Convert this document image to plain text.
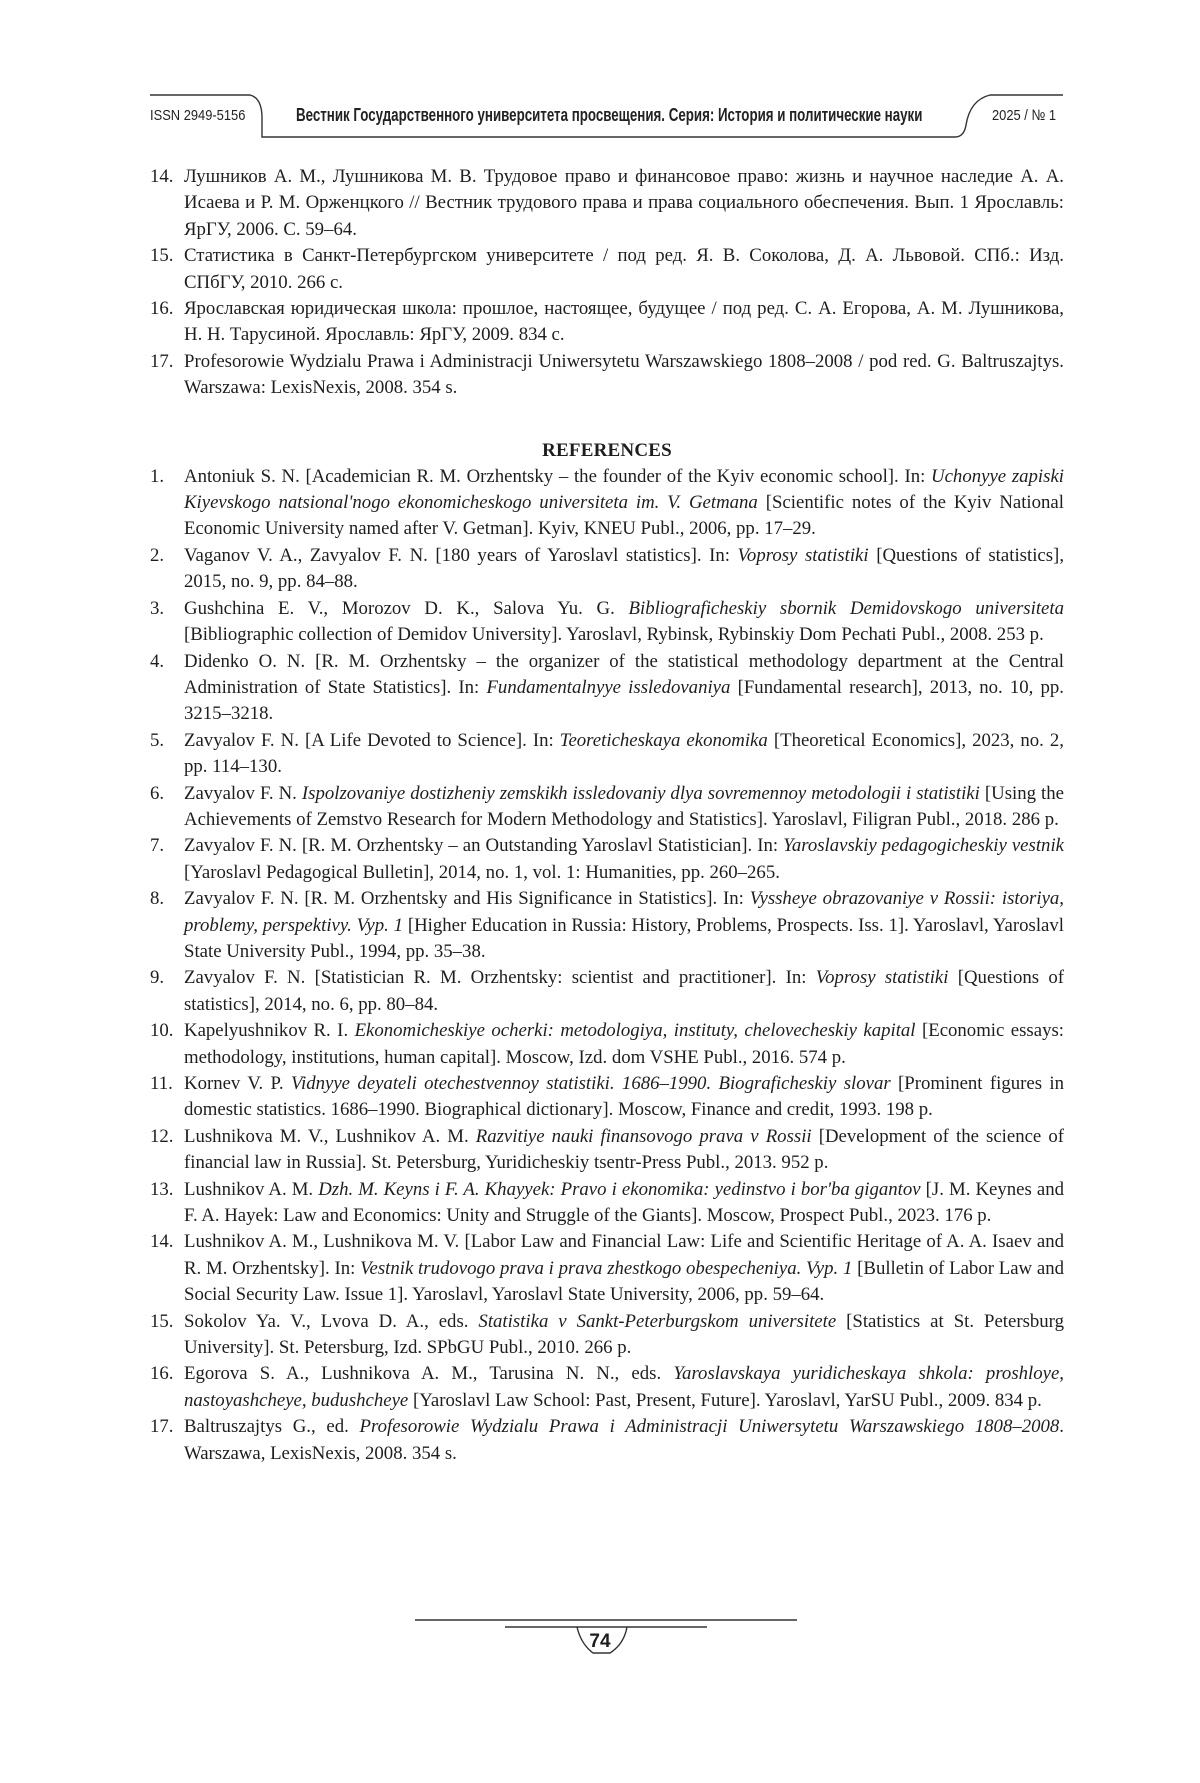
ISSN 2949-5156	Вестник Государственного университета просвещения. Серия: История и политические науки	2025 / № 1
14. Лушников А. М., Лушникова М. В. Трудовое право и финансовое право: жизнь и научное наследие А. А. Исаева и Р. М. Орженцкого // Вестник трудового права и права социального обеспечения. Вып. 1 Ярославль: ЯрГУ, 2006. С. 59–64.
15. Статистика в Санкт-Петербургском университете / под ред. Я. В. Соколова, Д. А. Львовой. СПб.: Изд. СПбГУ, 2010. 266 с.
16. Ярославская юридическая школа: прошлое, настоящее, будущее / под ред. С. А. Егорова, А. М. Лушникова, Н. Н. Тарусиной. Ярославль: ЯрГУ, 2009. 834 с.
17. Profesorowie Wydzialu Prawa i Administracji Uniwersytetu Warszawskiego 1808–2008 / pod red. G. Baltruszajtys. Warszawa: LexisNexis, 2008. 354 s.
REFERENCES
1. Antoniuk S. N. [Academician R. M. Orzhentsky – the founder of the Kyiv economic school]. In: Uchonyye zapiski Kiyevskogo natsional'nogo ekonomicheskogo universiteta im. V. Getmana [Scientific notes of the Kyiv National Economic University named after V. Getman]. Kyiv, KNEU Publ., 2006, pp. 17–29.
2. Vaganov V. A., Zavyalov F. N. [180 years of Yaroslavl statistics]. In: Voprosy statistiki [Questions of statistics], 2015, no. 9, pp. 84–88.
3. Gushchina E. V., Morozov D. K., Salova Yu. G. Bibliograficheskiy sbornik Demidovskogo universiteta [Bibliographic collection of Demidov University]. Yaroslavl, Rybinsk, Rybinskiy Dom Pechati Publ., 2008. 253 p.
4. Didenko O. N. [R. M. Orzhentsky – the organizer of the statistical methodology department at the Central Administration of State Statistics]. In: Fundamentalnyye issledovaniya [Fundamental research], 2013, no. 10, pp. 3215–3218.
5. Zavyalov F. N. [A Life Devoted to Science]. In: Teoreticheskaya ekonomika [Theoretical Economics], 2023, no. 2, pp. 114–130.
6. Zavyalov F. N. Ispolzovaniye dostizheniy zemskikh issledovaniy dlya sovremennoy metodologii i statistiki [Using the Achievements of Zemstvo Research for Modern Methodology and Statistics]. Yaroslavl, Filigran Publ., 2018. 286 p.
7. Zavyalov F. N. [R. M. Orzhentsky – an Outstanding Yaroslavl Statistician]. In: Yaroslavskiy pedagogicheskiy vestnik [Yaroslavl Pedagogical Bulletin], 2014, no. 1, vol. 1: Humanities, pp. 260–265.
8. Zavyalov F. N. [R. M. Orzhentsky and His Significance in Statistics]. In: Vyssheye obrazovaniye v Rossii: istoriya, problemy, perspektivy. Vyp. 1 [Higher Education in Russia: History, Problems, Prospects. Iss. 1]. Yaroslavl, Yaroslavl State University Publ., 1994, pp. 35–38.
9. Zavyalov F. N. [Statistician R. M. Orzhentsky: scientist and practitioner]. In: Voprosy statistiki [Questions of statistics], 2014, no. 6, pp. 80–84.
10. Kapelyushnikov R. I. Ekonomicheskiye ocherki: metodologiya, instituty, chelovecheskiy kapital [Economic essays: methodology, institutions, human capital]. Moscow, Izd. dom VSHE Publ., 2016. 574 p.
11. Kornev V. P. Vidnyye deyateli otechestvennoy statistiki. 1686–1990. Biograficheskiy slovar [Prominent figures in domestic statistics. 1686–1990. Biographical dictionary]. Moscow, Finance and credit, 1993. 198 p.
12. Lushnikova M. V., Lushnikov A. M. Razvitiye nauki finansovogo prava v Rossii [Development of the science of financial law in Russia]. St. Petersburg, Yuridicheskiy tsentr-Press Publ., 2013. 952 p.
13. Lushnikov A. M. Dzh. M. Keyns i F. A. Khayyek: Pravo i ekonomika: yedinstvo i bor'ba gigantov [J. M. Keynes and F. A. Hayek: Law and Economics: Unity and Struggle of the Giants]. Moscow, Prospect Publ., 2023. 176 p.
14. Lushnikov A. M., Lushnikova M. V. [Labor Law and Financial Law: Life and Scientific Heritage of A. A. Isaev and R. M. Orzhentsky]. In: Vestnik trudovogo prava i prava zhestkogo obespecheniya. Vyp. 1 [Bulletin of Labor Law and Social Security Law. Issue 1]. Yaroslavl, Yaroslavl State University, 2006, pp. 59–64.
15. Sokolov Ya. V., Lvova D. A., eds. Statistika v Sankt-Peterburgskom universitete [Statistics at St. Petersburg University]. St. Petersburg, Izd. SPbGU Publ., 2010. 266 p.
16. Egorova S. A., Lushnikova A. M., Tarusina N. N., eds. Yaroslavskaya yuridicheskaya shkola: proshloye, nastoyashcheye, budushcheye [Yaroslavl Law School: Past, Present, Future]. Yaroslavl, YarSU Publ., 2009. 834 p.
17. Baltruszajtys G., ed. Profesorowie Wydzialu Prawa i Administracji Uniwersytetu Warszawskiego 1808–2008. Warszawa, LexisNexis, 2008. 354 s.
74
